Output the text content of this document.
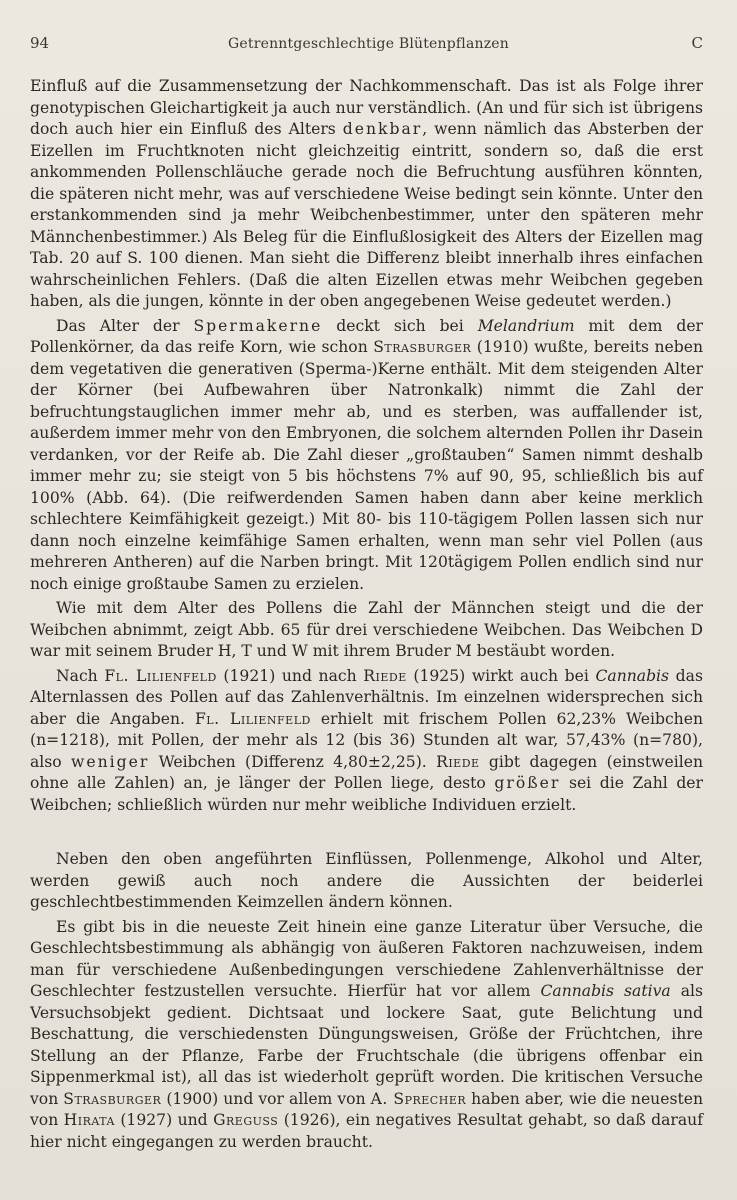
94	Getrenntgeschlechtige Blütenpflanzen	C

Einfluß auf die Zusammensetzung der Nachkommenschaft. Das ist als Folge ihrer genotypischen Gleichartigkeit ja auch nur verständlich. (An und für sich ist übrigens doch auch hier ein Einfluß des Alters denkbar, wenn nämlich das Absterben der Eizellen im Fruchtknoten nicht gleichzeitig eintritt, sondern so, daß die erst ankommenden Pollenschläuche gerade noch die Befruchtung ausführen könnten, die späteren nicht mehr, was auf verschiedene Weise bedingt sein könnte. Unter den erstankommenden sind ja mehr Weibchenbestimmer, unter den späteren mehr Männchenbestimmer.) Als Beleg für die Einflußlosigkeit des Alters der Eizellen mag Tab. 20 auf S. 100 dienen. Man sieht die Differenz bleibt innerhalb ihres einfachen wahrscheinlichen Fehlers. (Daß die alten Eizellen etwas mehr Weibchen gegeben haben, als die jungen, könnte in der oben angegebenen Weise gedeutet werden.)

Das Alter der Spermakerne deckt sich bei Melandrium mit dem der Pollenkörner, da das reife Korn, wie schon Strasburger (1910) wußte, bereits neben dem vegetativen die generativen (Sperma-)Kerne enthält. Mit dem steigenden Alter der Körner (bei Aufbewahren über Natronkalk) nimmt die Zahl der befruchtungstauglichen immer mehr ab, und es sterben, was auffallender ist, außerdem immer mehr von den Embryonen, die solchem alternden Pollen ihr Dasein verdanken, vor der Reife ab. Die Zahl dieser „großtauben“ Samen nimmt deshalb immer mehr zu; sie steigt von 5 bis höchstens 7% auf 90, 95, schließlich bis auf 100% (Abb. 64). (Die reifwerdenden Samen haben dann aber keine merklich schlechtere Keimfähigkeit gezeigt.) Mit 80- bis 110-tägigem Pollen lassen sich nur dann noch einzelne keimfähige Samen erhalten, wenn man sehr viel Pollen (aus mehreren Antheren) auf die Narben bringt. Mit 120tägigem Pollen endlich sind nur noch einige großtaube Samen zu erzielen.

Wie mit dem Alter des Pollens die Zahl der Männchen steigt und die der Weibchen abnimmt, zeigt Abb. 65 für drei verschiedene Weibchen. Das Weibchen D war mit seinem Bruder H, T und W mit ihrem Bruder M bestäubt worden.

Nach Fl. Lilienfeld (1921) und nach Riede (1925) wirkt auch bei Cannabis das Alternlassen des Pollen auf das Zahlenverhältnis. Im einzelnen widersprechen sich aber die Angaben. Fl. Lilienfeld erhielt mit frischem Pollen 62,23% Weibchen (n=1218), mit Pollen, der mehr als 12 (bis 36) Stunden alt war, 57,43% (n=780), also weniger Weibchen (Differenz 4,80±2,25). Riede gibt dagegen (einstweilen ohne alle Zahlen) an, je länger der Pollen liege, desto größer sei die Zahl der Weibchen; schließlich würden nur mehr weibliche Individuen erzielt.

Neben den oben angeführten Einflüssen, Pollenmenge, Alkohol und Alter, werden gewiß auch noch andere die Aussichten der beiderlei geschlechtbestimmenden Keimzellen ändern können.

Es gibt bis in die neueste Zeit hinein eine ganze Literatur über Versuche, die Geschlechtsbestimmung als abhängig von äußeren Faktoren nachzuweisen, indem man für verschiedene Außenbedingungen verschiedene Zahlenverhältnisse der Geschlechter festzustellen versuchte. Hierfür hat vor allem Cannabis sativa als Versuchsobjekt gedient. Dichtsaat und lockere Saat, gute Belichtung und Beschattung, die verschiedensten Düngungsweisen, Größe der Früchtchen, ihre Stellung an der Pflanze, Farbe der Fruchtschale (die übrigens offenbar ein Sippenmerkmal ist), all das ist wiederholt geprüft worden. Die kritischen Versuche von Strasburger (1900) und vor allem von A. Sprecher haben aber, wie die neuesten von Hirata (1927) und Greguss (1926), ein negatives Resultat gehabt, so daß darauf hier nicht eingegangen zu werden braucht.
